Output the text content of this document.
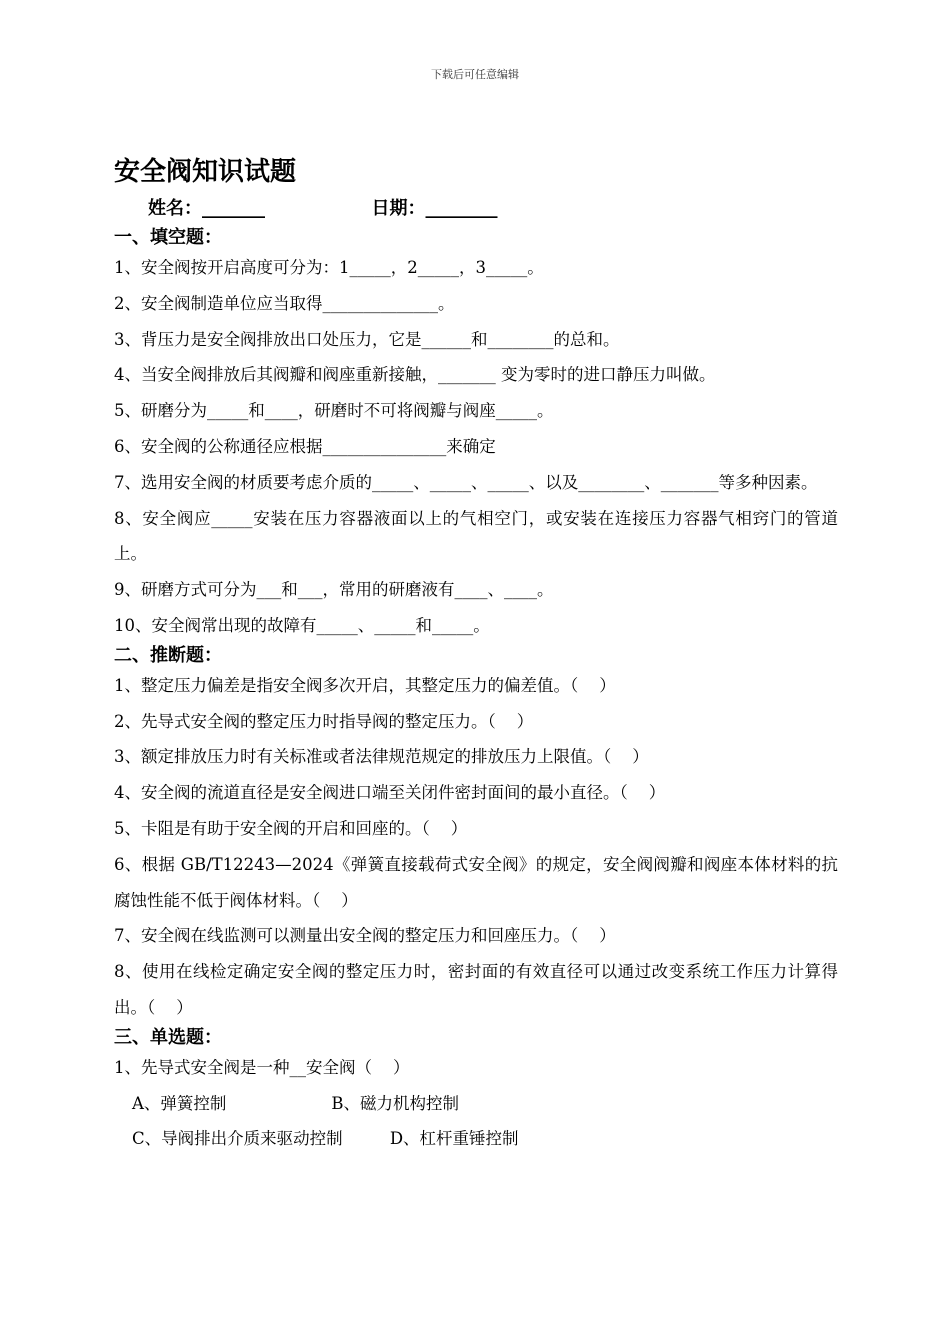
下载后可任意编辑
安全阀知识试题
姓名：_______                 日期：________
一、填空题：

1、安全阀按开启高度可分为：1_____，2_____，3_____。

2、安全阀制造单位应当取得______________。

3、背压力是安全阀排放出口处压力，它是______和________的总和。

4、当安全阀排放后其阀瓣和阀座重新接触，_______ 变为零时的进口静压力叫做。

5、研磨分为_____和____，研磨时不可将阀瓣与阀座_____。

6、安全阀的公称通径应根据_______________来确定

7、选用安全阀的材质要考虑介质的_____、_____、_____、以及________、_______等多种因素。

8、安全阀应_____安装在压力容器液面以上的气相空门，或安装在连接压力容器气相窍门的管道上。

9、研磨方式可分为___和___，常用的研磨液有____、____。

10、安全阀常出现的故障有_____、_____和_____。

二、推断题：

1、整定压力偏差是指安全阀多次开启，其整定压力的偏差值。（    ）

2、先导式安全阀的整定压力时指导阀的整定压力。（    ）

3、额定排放压力时有关标准或者法律规范规定的排放压力上限值。（    ）

4、安全阀的流道直径是安全阀进口端至关闭件密封面间的最小直径。（    ）

5、卡阻是有助于安全阀的开启和回座的。（    ）

6、根据 GB/T12243—2024《弹簧直接载荷式安全阀》的规定，安全阀阀瓣和阀座本体材料的抗腐蚀性能不低于阀体材料。（    ）

7、安全阀在线监测可以测量出安全阀的整定压力和回座压力。（    ）

8、使用在线检定确定安全阀的整定压力时，密封面的有效直径可以通过改变系统工作压力计算得出。（    ）

三、单选题：

1、先导式安全阀是一种__安全阀（    ）

A、弹簧控制                    B、磁力机构控制
C、导阀排出介质来驱动控制         D、杠杆重锤控制
